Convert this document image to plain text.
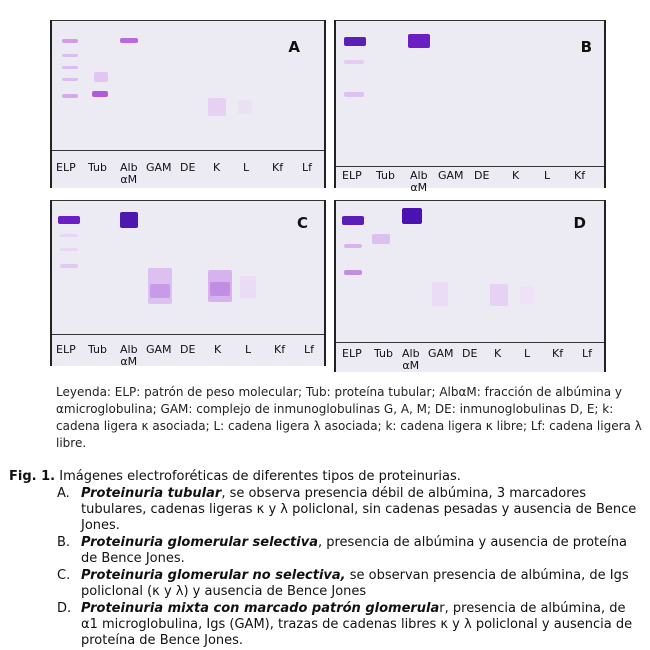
A
ELP Tub Alb
αM
GAM DE K L Kf Lf
B
ELP Tub Alb
αM
GAM DE K L Kf
C
ELP Tub Alb
αM
GAM DE K L Kf Lf
D
ELP Tub Alb
αM
GAM DE K L Kf Lf
Leyenda: ELP: patrón de peso molecular; Tub: proteína tubular; AlbαM: fracción de albúmina y αmicroglobulina; GAM: complejo de inmunoglobulinas G, A, M; DE: inmunoglobulinas D, E; k: cadena ligera κ asociada; L: cadena ligera λ asociada; k: cadena ligera κ libre; Lf: cadena ligera λ libre.

Fig. 1. Imágenes electroforéticas de diferentes tipos de proteinurias.

A. Proteinuria tubular, se observa presencia débil de albúmina, 3 marcadores tubulares, cadenas ligeras κ y λ policlonal, sin cadenas pesadas y ausencia de Bence Jones.
B. Proteinuria glomerular selectiva, presencia de albúmina y ausencia de proteína de Bence Jones.
C. Proteinuria glomerular no selectiva, se observan presencia de albúmina, de Igs policlonal (κ y λ) y ausencia de Bence Jones
D. Proteinuria mixta con marcado patrón glomerular, presencia de albúmina, de α1 microglobulina, Igs (GAM), trazas de cadenas libres κ y λ policlonal y ausencia de proteína de Bence Jones.
